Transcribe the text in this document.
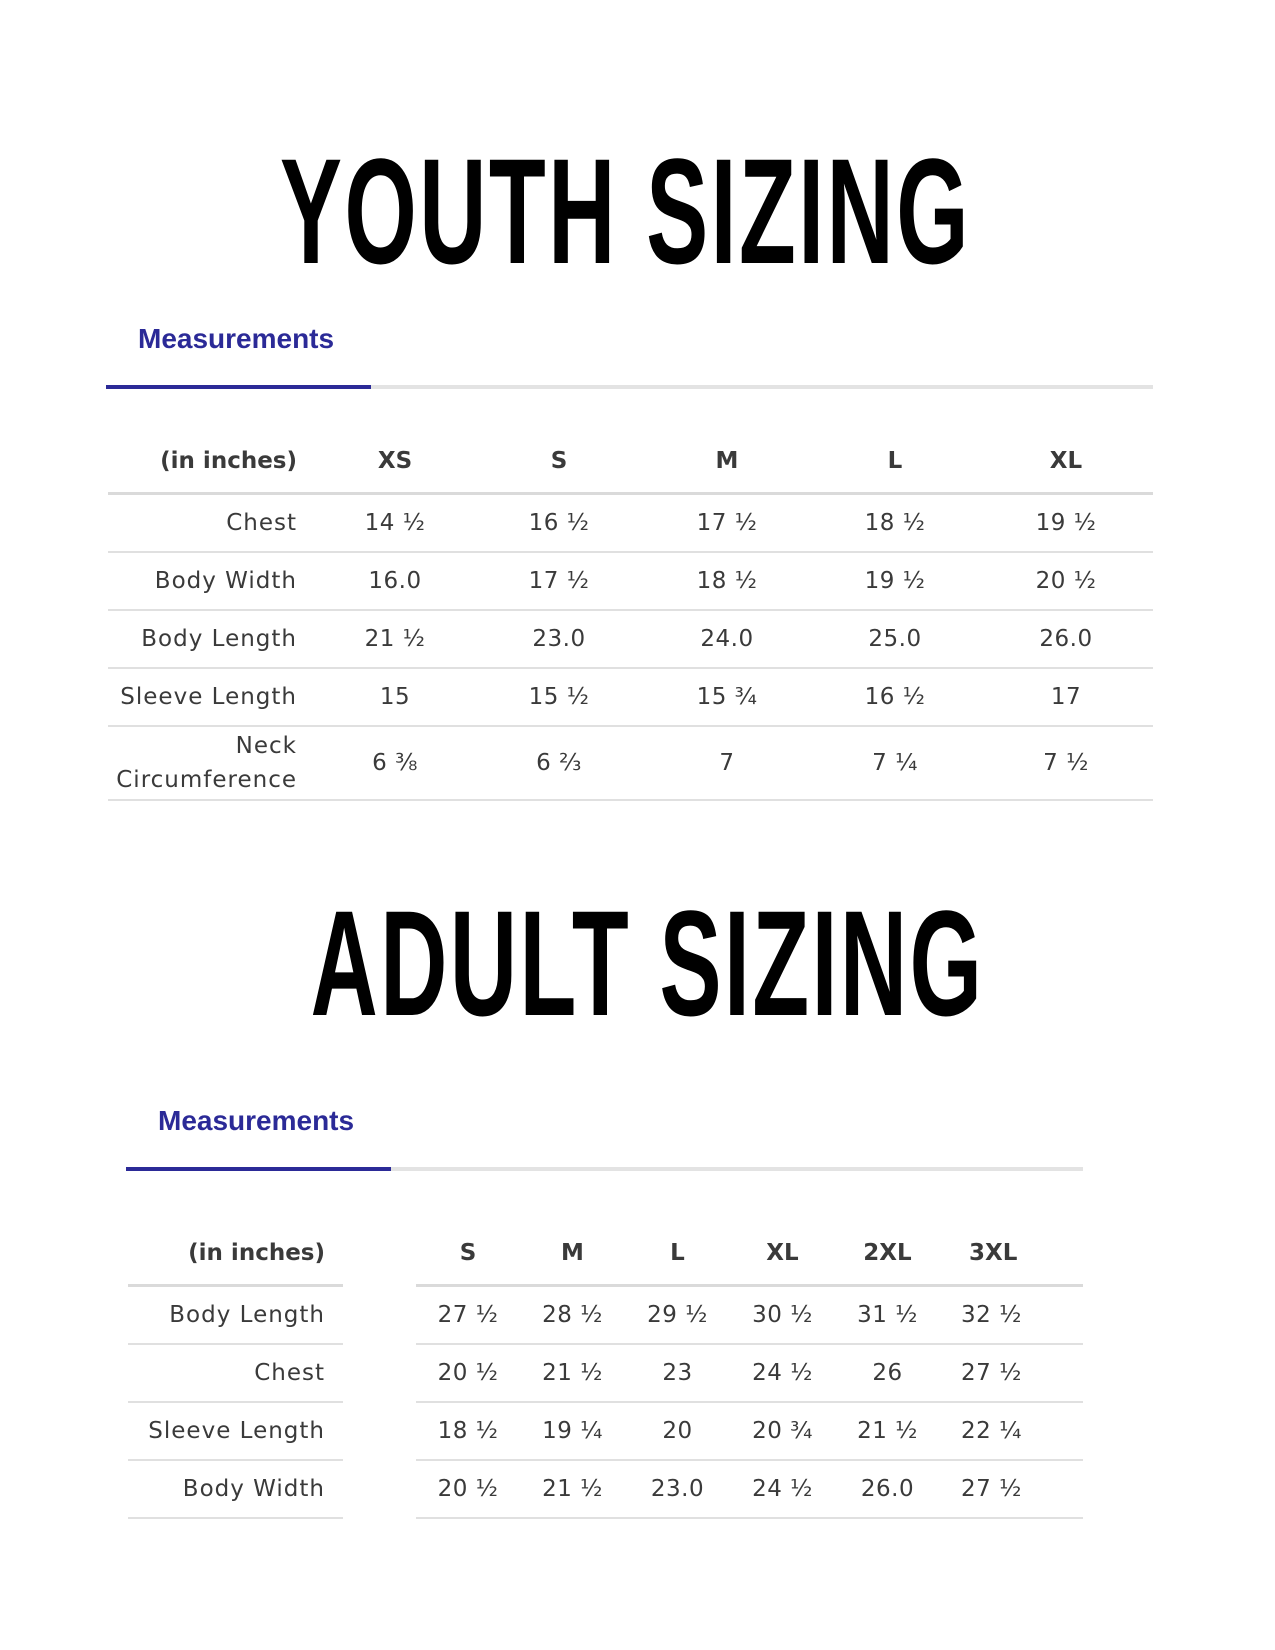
YOUTH SIZING
Measurements
(in inches)	XS	S	M	L	XL
Chest	14 ½	16 ½	17 ½	18 ½	19 ½
Body Width	16.0	17 ½	18 ½	19 ½	20 ½
Body Length	21 ½	23.0	24.0	25.0	26.0
Sleeve Length	15	15 ½	15 ¾	16 ½	17
Neck
Circumference	6 ⅜	6 ⅔	7	7 ¼	7 ½
ADULT SIZING
Measurements
(in inches)		S	M	L	XL	2XL	3XL
Body Length		27 ½	28 ½	29 ½	30 ½	31 ½	32 ½
Chest		20 ½	21 ½	23	24 ½	26	27 ½
Sleeve Length		18 ½	19 ¼	20	20 ¾	21 ½	22 ¼
Body Width		20 ½	21 ½	23.0	24 ½	26.0	27 ½
